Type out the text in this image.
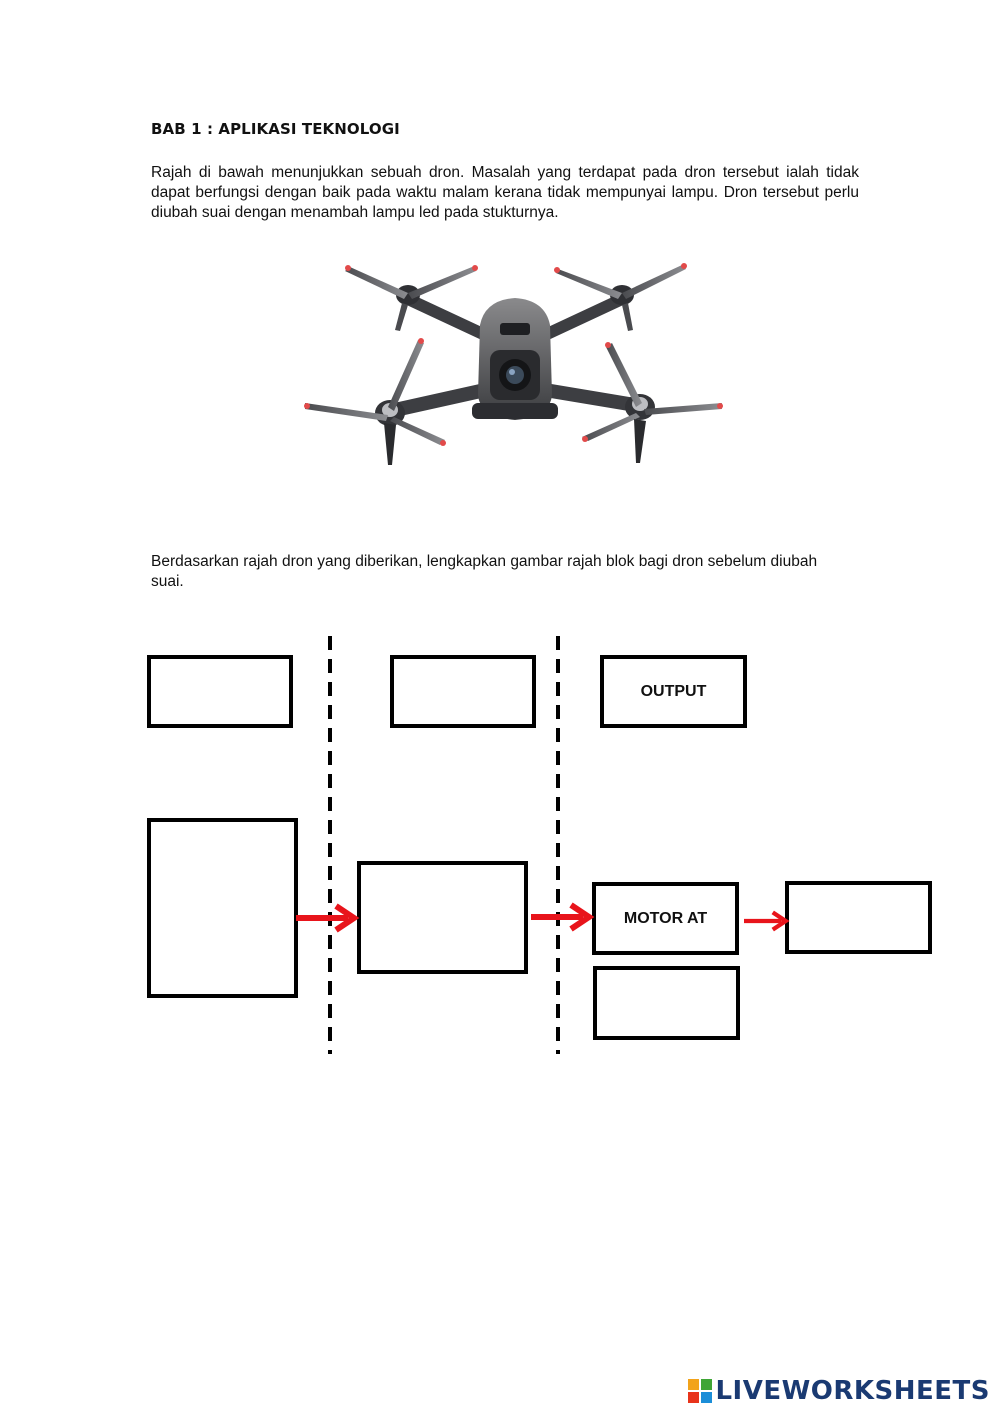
BAB 1 : APLIKASI TEKNOLOGI

Rajah di bawah menunjukkan sebuah dron. Masalah yang terdapat pada dron tersebut ialah tidak dapat berfungsi dengan baik pada waktu malam kerana tidak mempunyai lampu. Dron tersebut perlu diubah suai dengan menambah lampu led pada stukturnya.

Berdasarkan rajah dron yang diberikan, lengkapkan gambar rajah blok bagi dron sebelum diubah suai.

OUTPUT
MOTOR AT
LIVEWORKSHEETS
